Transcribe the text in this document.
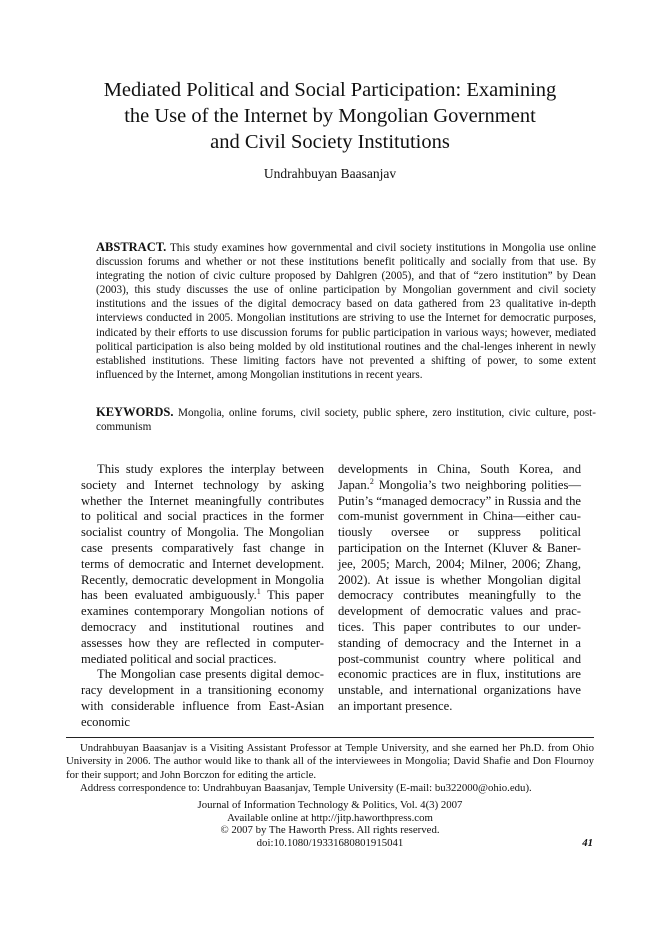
Mediated Political and Social Participation: Examining
the Use of the Internet by Mongolian Government
and Civil Society Institutions
Undrahbuyan Baasanjav
ABSTRACT. This study examines how governmental and civil society institutions in Mongolia use online discussion forums and whether or not these institutions benefit politically and socially from that use. By integrating the notion of civic culture proposed by Dahlgren (2005), and that of “zero institution” by Dean (2003), this study discusses the use of online participation by Mongolian government and civil society institutions and the issues of the digital democracy based on data gathered from 23 qualitative in-depth interviews conducted in 2005. Mongolian institutions are striving to use the Internet for democratic purposes, indicated by their efforts to use discussion forums for public participation in various ways; however, mediated political participation is also being molded by old institutional routines and the chal-lenges inherent in newly established institutions. These limiting factors have not prevented a shifting of power, to some extent influenced by the Internet, among Mongolian institutions in recent years.
KEYWORDS. Mongolia, online forums, civil society, public sphere, zero institution, civic culture, post-communism

This study explores the interplay between society and Internet technology by asking whether the Internet meaningfully contributes to political and social practices in the former socialist country of Mongolia. The Mongolian case presents comparatively fast change in terms of democratic and Internet development. Recently, democratic development in Mongolia has been evaluated ambiguously.$^1$ This paper examines contemporary Mongolian notions of democracy and institutional routines and assesses how they are reflected in computer-mediated political and social practices.

The Mongolian case presents digital democ-racy development in a transitioning economy with considerable influence from East-Asian economic

developments in China, South Korea, and Japan.$^2$ Mongolia’s two neighboring polities—Putin’s “managed democracy” in Russia and the com-munist government in China—either cau-tiously oversee or suppress political participation on the Internet (Kluver & Baner-jee, 2005; March, 2004; Milner, 2006; Zhang, 2002). At issue is whether Mongolian digital democracy contributes meaningfully to the development of democratic values and prac-tices. This paper contributes to our under-standing of democracy and the Internet in a post-communist country where political and economic practices are in flux, institutions are unstable, and international organizations have an important presence.

Undrahbuyan Baasanjav is a Visiting Assistant Professor at Temple University, and she earned her Ph.D. from Ohio University in 2006. The author would like to thank all of the interviewees in Mongolia; David Shafie and Don Flournoy for their support; and John Borczon for editing the article.

Address correspondence to: Undrahbuyan Baasanjav, Temple University (E-mail: bu322000@ohio.edu).

Journal of Information Technology & Politics, Vol. 4(3) 2007
Available online at http://jitp.haworthpress.com
© 2007 by The Haworth Press. All rights reserved.
doi:10.1080/19331680801915041	41
